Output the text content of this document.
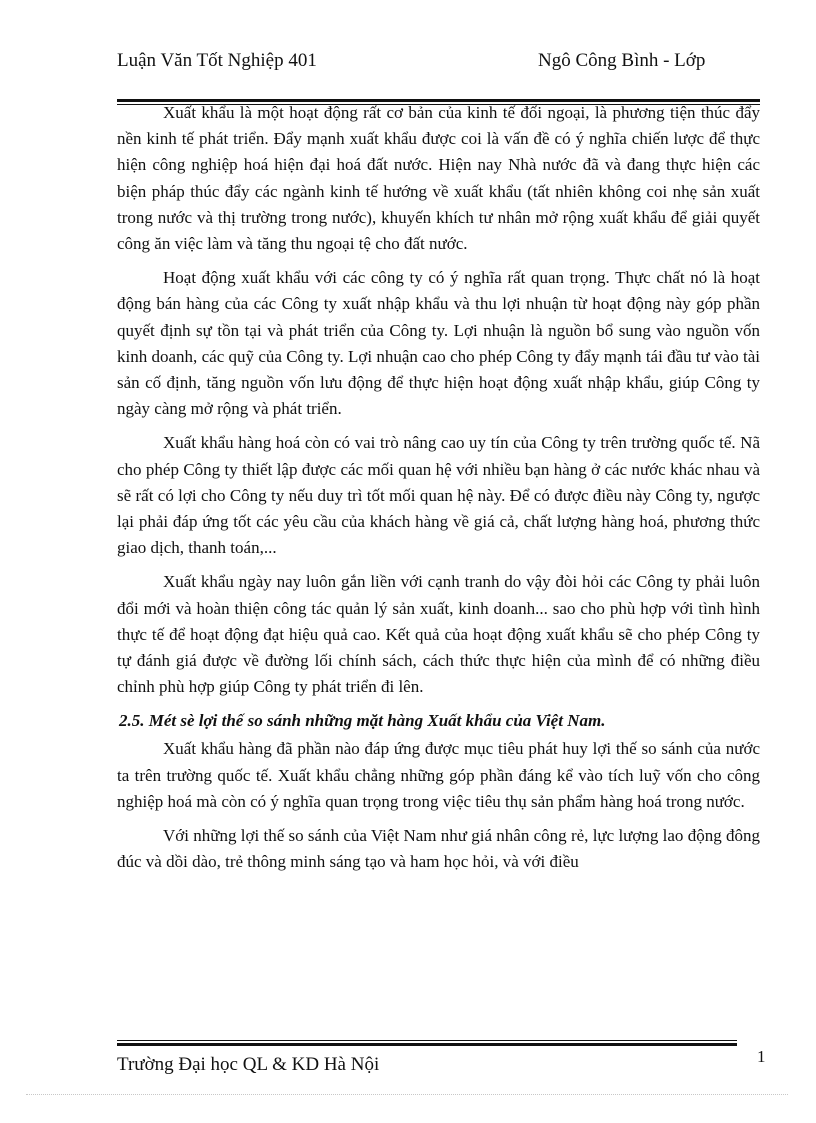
Luận Văn Tốt Nghiệp 401	Ngô Công Bình - Lớp

Xuất khẩu là một hoạt động rất cơ bản của kinh tế đối ngoại, là phương tiện thúc đẩy nền kinh tế phát triển. Đẩy mạnh xuất khẩu được coi là vấn đề có ý nghĩa chiến lược để thực hiện công nghiệp hoá hiện đại hoá đất nước. Hiện nay Nhà nước đã và đang thực hiện các biện pháp thúc đẩy các ngành kinh tế hướng về xuất khẩu (tất nhiên không coi nhẹ sản xuất trong nước và thị trường trong nước), khuyến khích tư nhân mở rộng xuất khẩu để giải quyết công ăn việc làm và tăng thu ngoại tệ cho đất nước.

Hoạt động xuất khẩu với các công ty có ý nghĩa rất quan trọng. Thực chất nó là hoạt động bán hàng của các Công ty xuất nhập khẩu và thu lợi nhuận từ hoạt động này góp phần quyết định sự tồn tại và phát triển của Công ty. Lợi nhuận là nguồn bổ sung vào nguồn vốn kinh doanh, các quỹ của Công ty. Lợi nhuận cao cho phép Công ty đẩy mạnh tái đầu tư vào tài sản cố định, tăng nguồn vốn lưu động để thực hiện hoạt động xuất nhập khẩu, giúp Công ty ngày càng mở rộng và phát triển.

Xuất khẩu hàng hoá còn có vai trò nâng cao uy tín của Công ty trên trường quốc tế. Nã cho phép Công ty thiết lập được các mối quan hệ với nhiều bạn hàng ở các nước khác nhau và sẽ rất có lợi cho Công ty nếu duy trì tốt mối quan hệ này. Để có được điều này Công ty, ngược lại phải đáp ứng tốt các yêu cầu của khách hàng về giá cả, chất lượng hàng hoá, phương thức giao dịch, thanh toán,...

Xuất khẩu ngày nay luôn gắn liền với cạnh tranh do vậy đòi hỏi các Công ty phải luôn đổi mới và hoàn thiện công tác quản lý sản xuất, kinh doanh... sao cho phù hợp với tình hình thực tế để hoạt động đạt hiệu quả cao. Kết quả của hoạt động xuất khẩu sẽ cho phép Công ty tự đánh giá được về đường lối chính sách, cách thức thực hiện của mình để có những điều chỉnh phù hợp giúp Công ty phát triển đi lên.

2.5. Mét sè lợi thế so sánh những mặt hàng Xuất khẩu của Việt Nam.

Xuất khẩu hàng đã phần nào đáp ứng được mục tiêu phát huy lợi thế so sánh của nước ta trên trường quốc tế. Xuất khẩu chẳng những góp phần đáng kể vào tích luỹ vốn cho công nghiệp hoá mà còn có ý nghĩa quan trọng trong việc tiêu thụ sản phẩm hàng hoá trong nước.

Với những lợi thế so sánh của Việt Nam như giá nhân công rẻ, lực lượng lao động đông đúc và dồi dào, trẻ thông minh sáng tạo và ham học hỏi, và với điều

Trường Đại học QL & KD Hà Nội	1
